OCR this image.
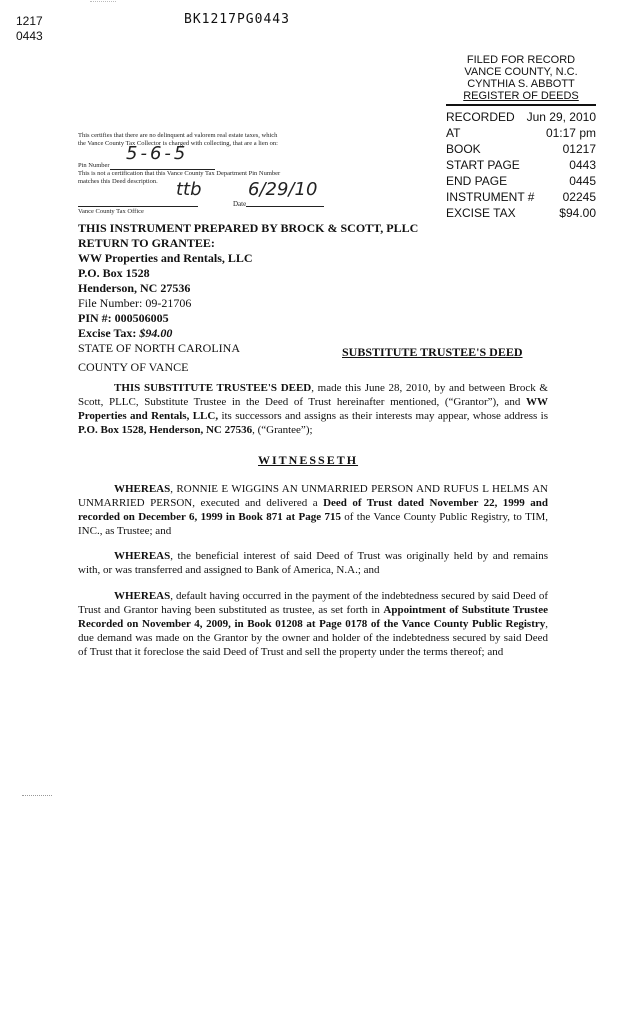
1217
0443
BK1217PG0443
FILED FOR RECORD
VANCE COUNTY, N.C.
CYNTHIA S. ABBOTT
REGISTER OF DEEDS
RECORDED Jun 29, 2010
AT	01:17 pm
BOOK	01217
START PAGE	0443
END PAGE	0445
INSTRUMENT # 02245
EXCISE TAX	$94.00
This certifies that there are no delinquent ad valorem real estate taxes, which
the Vance County Tax Collector is charged with collecting, that are a lien on:
Pin Number
5-6-5
This is not a certification that this Vance County Tax Department Pin Number
matches this Deed description.	ttb
Date
6/29/10
Vance County Tax Office
THIS INSTRUMENT PREPARED BY BROCK & SCOTT, PLLC
RETURN TO GRANTEE:
WW Properties and Rentals, LLC
P.O. Box 1528
Henderson, NC 27536
File Number: 09-21706
PIN #: 000506005
Excise Tax: $94.00
STATE OF NORTH CAROLINA	SUBSTITUTE TRUSTEE'S DEED
COUNTY OF VANCE
THIS SUBSTITUTE TRUSTEE'S DEED, made this June 28, 2010, by and between Brock & Scott, PLLC, Substitute Trustee in the Deed of Trust hereinafter mentioned, (“Grantor”), and WW Properties and Rentals, LLC, its successors and assigns as their interests may appear, whose address is P.O. Box 1528, Henderson, NC 27536, (“Grantee”);
WITNESSETH
WHEREAS, RONNIE E WIGGINS AN UNMARRIED PERSON AND RUFUS L HELMS AN UNMARRIED PERSON, executed and delivered a Deed of Trust dated November 22, 1999 and recorded on December 6, 1999 in Book 871 at Page 715 of the Vance County Public Registry, to TIM, INC., as Trustee; and
WHEREAS, the beneficial interest of said Deed of Trust was originally held by and remains with, or was transferred and assigned to Bank of America, N.A.; and
WHEREAS, default having occurred in the payment of the indebtedness secured by said Deed of Trust and Grantor having been substituted as trustee, as set forth in Appointment of Substitute Trustee Recorded on November 4, 2009, in Book 01208 at Page 0178 of the Vance County Public Registry, due demand was made on the Grantor by the owner and holder of the indebtedness secured by said Deed of Trust that it foreclose the said Deed of Trust and sell the property under the terms thereof; and
